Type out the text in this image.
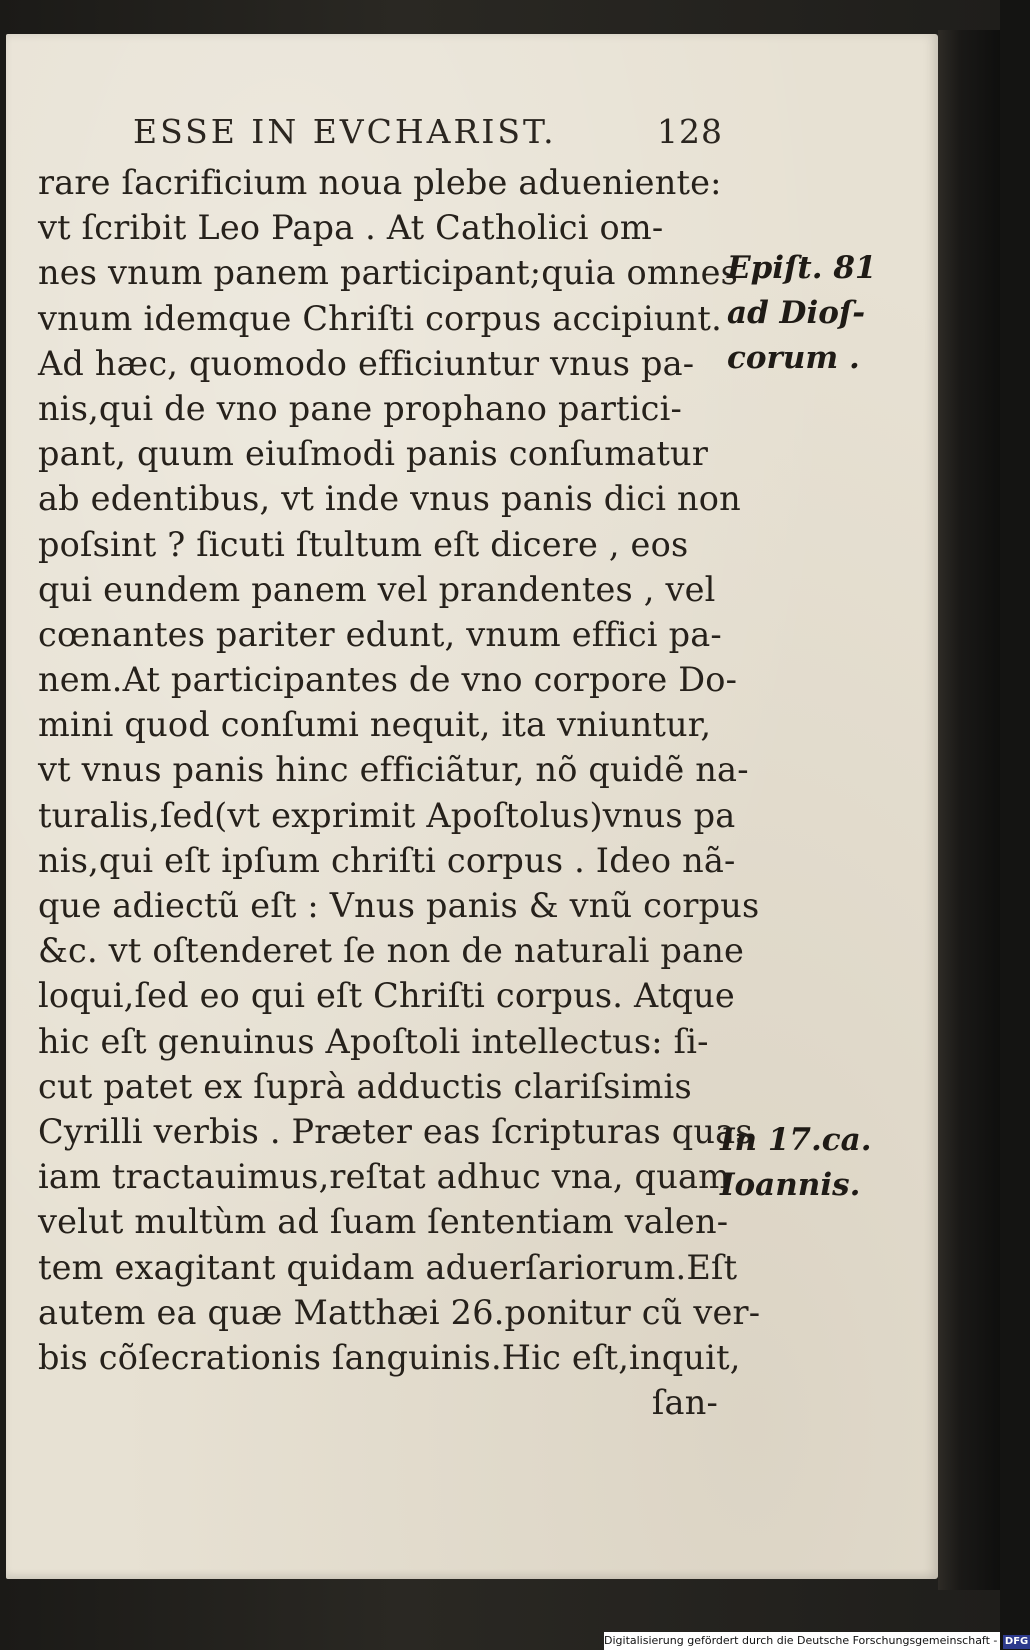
ESSE IN EVCHARIST.	128
rare ſacrificium noua plebe adueniente:
vt ſcribit Leo Papa . At Catholici om-
nes vnum panem participant;quia omnes
vnum idemque Chriſti corpus accipiunt.
Ad hæc, quomodo efficiuntur vnus pa-
nis,qui de vno pane prophano partici-
pant, quum eiuſmodi panis conſumatur
ab edentibus, vt inde vnus panis dici non
poſsint ? ſicuti ſtultum eſt dicere , eos
qui eundem panem vel prandentes , vel
cœnantes pariter edunt, vnum effici pa-
nem.At participantes de vno corpore Do-
mini quod conſumi nequit, ita vniuntur,
vt vnus panis hinc efficiãtur, nõ quidẽ na-
turalis,ſed(vt exprimit Apoſtolus)vnus pa
nis,qui eſt ipſum chriſti corpus . Ideo nã-
que adiectũ eſt : Vnus panis & vnũ corpus
&c. vt oſtenderet ſe non de naturali pane
loqui,ſed eo qui eſt Chriſti corpus. Atque
hic eſt genuinus Apoſtoli intellectus: ſi-
cut patet ex ſuprà adductis clariſsimis
Cyrilli verbis . Præter eas ſcripturas quas
iam tractauimus,reſtat adhuc vna, quam
velut multùm ad ſuam ſententiam valen-
tem exagitant quidam aduerſariorum.Eſt
autem ea quæ Matthæi 26.ponitur cũ ver-
bis cõſecrationis ſanguinis.Hic eſt,inquit,
ſan-
Epiſt. 81
ad Dioſ-
corum .
In 17.ca.
Ioannis.
Digitalisierung gefördert durch die Deutsche Forschungsgemeinschaft - DFG
